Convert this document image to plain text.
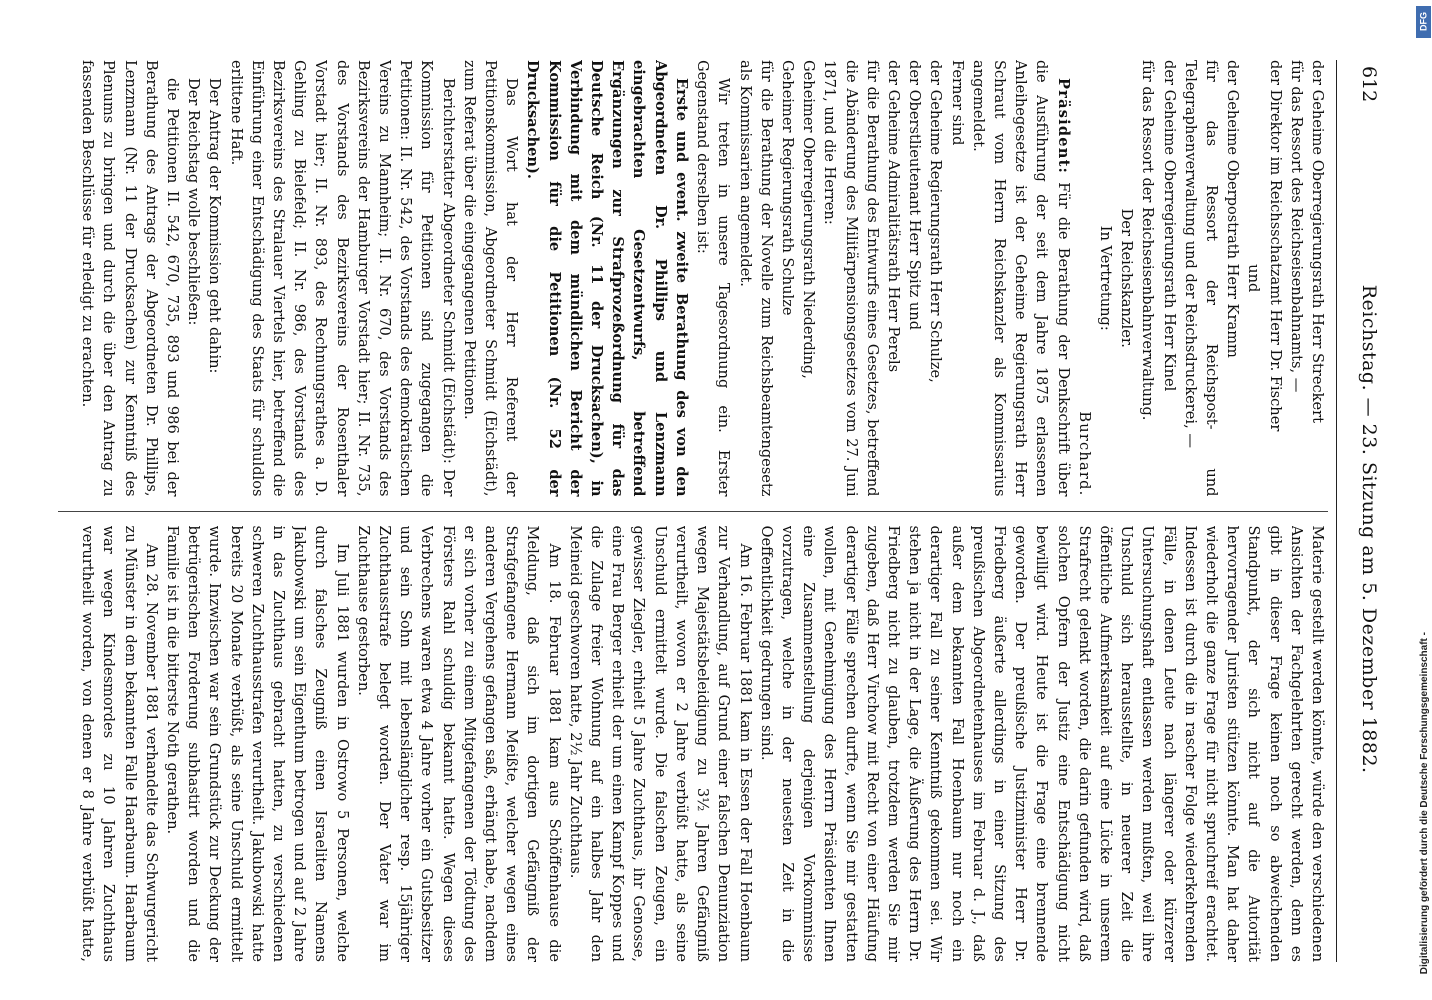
612
Reichstag. — 23. Sitzung am 5. Dezember 1882.

der Geheime Oberregierungsrath Herr Streckert

für das Ressort des Reichseisenbahnamts, —

der Direktor im Reichsschatzamt Herr Dr. Fischer

und

der Geheime Oberpostrath Herr Kramm

für das Ressort der Reichspost- und Telegraphenverwaltung und der Reichsdruckerei, —

der Geheime Oberregierungsrath Herr Kinel

für das Ressort der Reichseisenbahnverwaltung.

Der Reichskanzler.

In Vertretung:

Burchard.

Präsident: Für die Berathung der Denkschrift über die Ausführung der seit dem Jahre 1875 erlassenen Anleihegesetze ist der Geheime Regierungsrath Herr Schraut vom Herrn Reichskanzler als Kommissarius angemeldet.

Ferner sind

der Geheime Regierungsrath Herr Schulze,

der Oberstlieutenant Herr Spitz und

der Geheime Admiralitätsrath Herr Perels

für die Berathung des Entwurfs eines Gesetzes, betreffend die Abänderung des Militärpensionsgesetzes vom 27. Juni 1871, und die Herren:

Geheimer Oberregierungsrath Niederding,

Geheimer Regierungsrath Schulze

für die Berathung der Novelle zum Reichsbeamtengesetz als Kommissarien angemeldet.

Wir treten in unsere Tagesordnung ein. Erster Gegenstand derselben ist:

Erste und event. zweite Berathung des von den Abgeordneten Dr. Phillips und Lenzmann eingebrachten Gesetzentwurfs, betreffend Ergänzungen zur Strafprozeßordnung für das Deutsche Reich (Nr. 11 der Drucksachen), in Verbindung mit dem mündlichen Bericht der Kommission für die Petitionen (Nr. 52 der Drucksachen).

Das Wort hat der Herr Referent der Petitionskommission, Abgeordneter Schmidt (Eichstädt), zum Referat über die eingegangenen Petitionen.

Berichterstatter Abgeordneter Schmidt (Eichstädt): Der Kommission für Petitionen sind zugegangen die Petitionen: II. Nr. 542, des Vorstands des demokratischen Vereins zu Mannheim; II. Nr. 670, des Vorstands des Bezirksvereins der Hamburger Vorstadt hier; II. Nr. 735, des Vorstands des Bezirksvereins der Rosenthaler Vorstadt hier; II. Nr. 893, des Rechnungsrathes a. D. Gehling zu Bielefeld; II. Nr. 986, des Vorstands des Bezirksvereins des Stralauer Viertels hier, betreffend die Einführung einer Entschädigung des Staats für schuldlos erlittene Haft.

Der Antrag der Kommission geht dahin:

Der Reichstag wolle beschließen:

die Petitionen II. 542, 670, 735, 893 und 986 bei der Berathung des Antrags der Abgeordneten Dr. Phillips, Lenzmann (Nr. 11 der Drucksachen) zur Kenntniß des Plenums zu bringen und durch die über den Antrag zu fassenden Beschlüsse für erledigt zu erachten.

Materie gestellt werden könnte, würde den verschiedenen Ansichten der Fachgelehrten gerecht werden, denn es gibt in dieser Frage keinen noch so abweichenden Standpunkt, der sich nicht auf die Autorität hervorragender Juristen stützen könnte. Man hat daher wiederholt die ganze Frage für nicht spruchreif erachtet. Indessen ist durch die in rascher Folge wiederkehrenden Fälle, in denen Leute nach längerer oder kürzerer Untersuchungshaft entlassen werden mußten, weil ihre Unschuld sich herausstellte, in neuerer Zeit die öffentliche Aufmerksamkeit auf eine Lücke in unserem Strafrecht gelenkt worden, die darin gefunden wird, daß solchen Opfern der Justiz eine Entschädigung nicht bewilligt wird. Heute ist die Frage eine brennende geworden. Der preußische Justizminister Herr Dr. Friedberg äußerte allerdings in einer Sitzung des preußischen Abgeordnetenhauses im Februar d. J., daß außer dem bekannten Fall Hoenbaum nur noch ein derartiger Fall zu seiner Kenntniß gekommen sei. Wir stehen ja nicht in der Lage, die Äußerung des Herrn Dr. Friedberg nicht zu glauben, trotzdem werden Sie mir zugeben, daß Herr Virchow mit Recht von einer Häufung derartiger Fälle sprechen durfte, wenn Sie mir gestatten wollen, mit Genehmigung des Herrn Präsidenten Ihnen eine Zusammenstellung derjenigen Vorkommnisse vorzutragen, welche in der neuesten Zeit in die Oeffentlichkeit gedrungen sind.

Am 16. Februar 1881 kam in Essen der Fall Hoenbaum zur Verhandlung, auf Grund einer falschen Denunziation wegen Majestätsbeleidigung zu 3½ Jahren Gefängniß verurtheilt, wovon er 2 Jahre verbüßt hatte, als seine Unschuld ermittelt wurde. Die falschen Zeugen, ein gewisser Ziegler, erhielt 5 Jahre Zuchthaus, ihr Genosse, eine Frau Berger erhielt der um einen Kampf Koppes und die Zulage freier Wohnung auf ein halbes Jahr den Meineid geschworen hatte, 2½ Jahr Zuchthaus.

Am 18. Februar 1881 kam aus Schöffenhause die Meldung, daß sich im dortigen Gefängniß der Strafgefangene Hermann Meißte, welcher wegen eines anderen Vergehens gefangen saß, erhängt habe, nachdem er sich vorher zu einem Mitgefangenen der Tödtung des Försters Rahl schuldig bekannt hatte. Wegen dieses Verbrechens waren etwa 4 Jahre vorher ein Gutsbesitzer und sein Sohn mit lebenslänglicher resp. 15jähriger Zuchthausstrafe belegt worden. Der Vater war im Zuchthause gestorben.

Im Juli 1881 wurden in Ostrowo 5 Personen, welche durch falsches Zeugniß einen Israeliten Namens Jakubowski um sein Eigenthum betrogen und auf 2 Jahre in das Zuchthaus gebracht hatten, zu verschiedenen schweren Zuchthausstrafen verurtheilt. Jakubowski hatte bereits 20 Monate verbüßt, als seine Unschuld ermittelt wurde. Inzwischen war sein Grundstück zur Deckung der betrügerischen Forderung subhastirt worden und die Familie ist in die bitterste Noth gerathen.

Am 28. November 1881 verhandelte das Schwurgericht zu Münster in dem bekannten Falle Haarbaum. Haarbaum war wegen Kindesmordes zu 10 Jahren Zuchthaus verurtheilt worden, von denen er 8 Jahre verbüßt hatte,	Digitalisierung gefördert durch die Deutsche Forschungsgemeinschaft -
DFG
